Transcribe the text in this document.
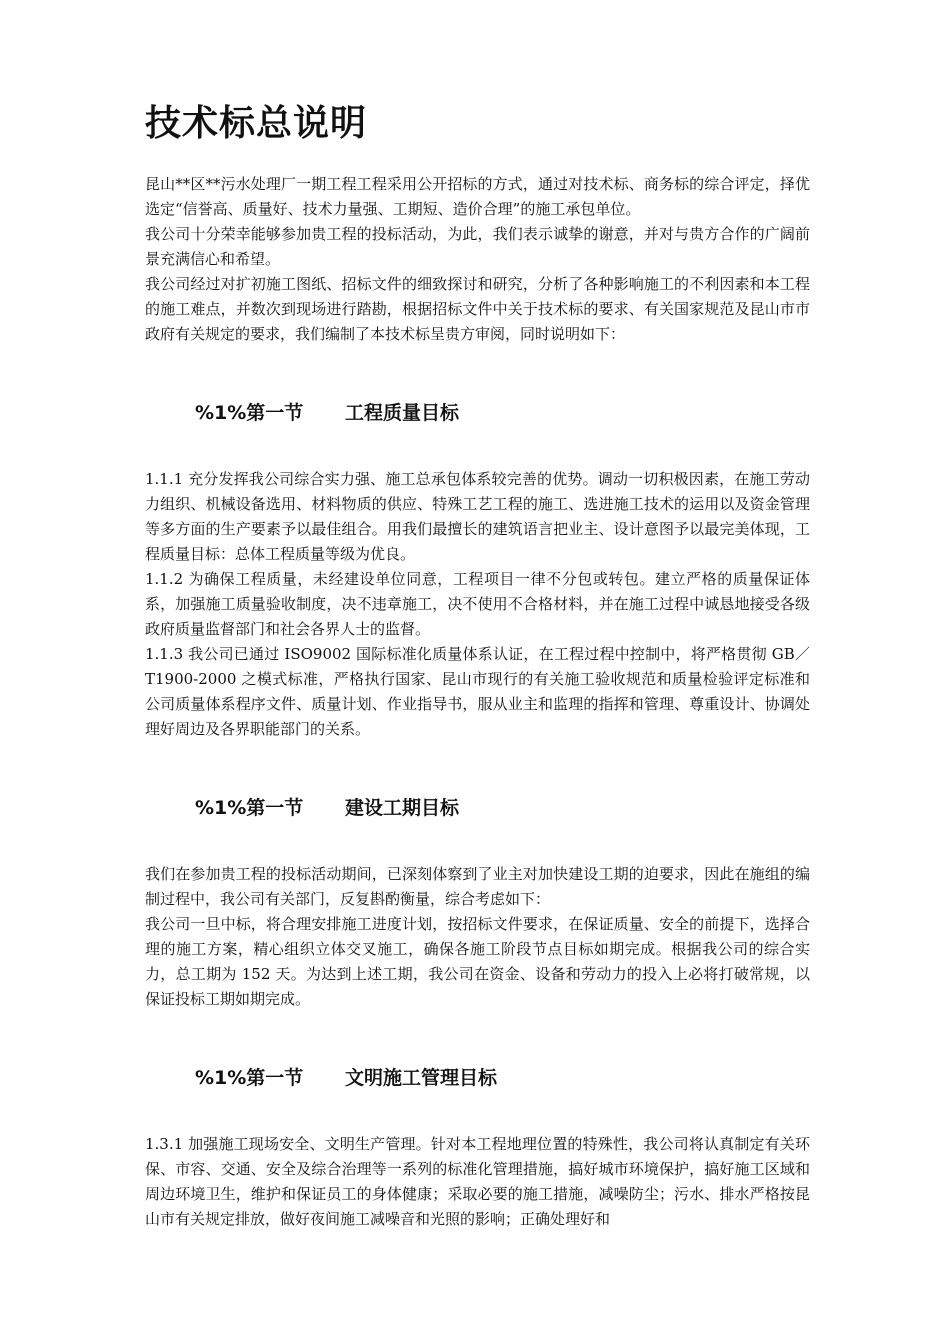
技术标总说明

昆山**区**污水处理厂一期工程工程采用公开招标的方式，通过对技术标、商务标的综合评定，择优选定“信誉高、质量好、技术力量强、工期短、造价合理”的施工承包单位。

我公司十分荣幸能够参加贵工程的投标活动，为此，我们表示诚挚的谢意，并对与贵方合作的广阔前景充满信心和希望。

我公司经过对扩初施工图纸、招标文件的细致探讨和研究，分析了各种影响施工的不利因素和本工程的施工难点，并数次到现场进行踏勘，根据招标文件中关于技术标的要求、有关国家规范及昆山市市政府有关规定的要求，我们编制了本技术标呈贵方审阅，同时说明如下：

%1%第一节 工程质量目标

1.1.1 充分发挥我公司综合实力强、施工总承包体系较完善的优势。调动一切积极因素，在施工劳动力组织、机械设备选用、材料物质的供应、特殊工艺工程的施工、选进施工技术的运用以及资金管理等多方面的生产要素予以最佳组合。用我们最擅长的建筑语言把业主、设计意图予以最完美体现，工程质量目标：总体工程质量等级为优良。

1.1.2 为确保工程质量，未经建设单位同意，工程项目一律不分包或转包。建立严格的质量保证体系，加强施工质量验收制度，决不违章施工，决不使用不合格材料，并在施工过程中诚恳地接受各级政府质量监督部门和社会各界人士的监督。

1.1.3 我公司已通过 ISO9002 国际标准化质量体系认证，在工程过程中控制中，将严格贯彻 GB／T1900-2000 之模式标准，严格执行国家、昆山市现行的有关施工验收规范和质量检验评定标准和公司质量体系程序文件、质量计划、作业指导书，服从业主和监理的指挥和管理、尊重设计、协调处理好周边及各界职能部门的关系。

%1%第一节 建设工期目标

我们在参加贵工程的投标活动期间，已深刻体察到了业主对加快建设工期的迫要求，因此在施组的编制过程中，我公司有关部门，反复斟酌衡量，综合考虑如下：

我公司一旦中标，将合理安排施工进度计划，按招标文件要求，在保证质量、安全的前提下，选择合理的施工方案，精心组织立体交叉施工，确保各施工阶段节点目标如期完成。根据我公司的综合实力，总工期为 152 天。为达到上述工期，我公司在资金、设备和劳动力的投入上必将打破常规，以保证投标工期如期完成。

%1%第一节 文明施工管理目标

1.3.1 加强施工现场安全、文明生产管理。针对本工程地理位置的特殊性，我公司将认真制定有关环保、市容、交通、安全及综合治理等一系列的标准化管理措施，搞好城市环境保护，搞好施工区域和周边环境卫生，维护和保证员工的身体健康；采取必要的施工措施，减噪防尘；污水、排水严格按昆山市有关规定排放，做好夜间施工减噪音和光照的影响；正确处理好和
